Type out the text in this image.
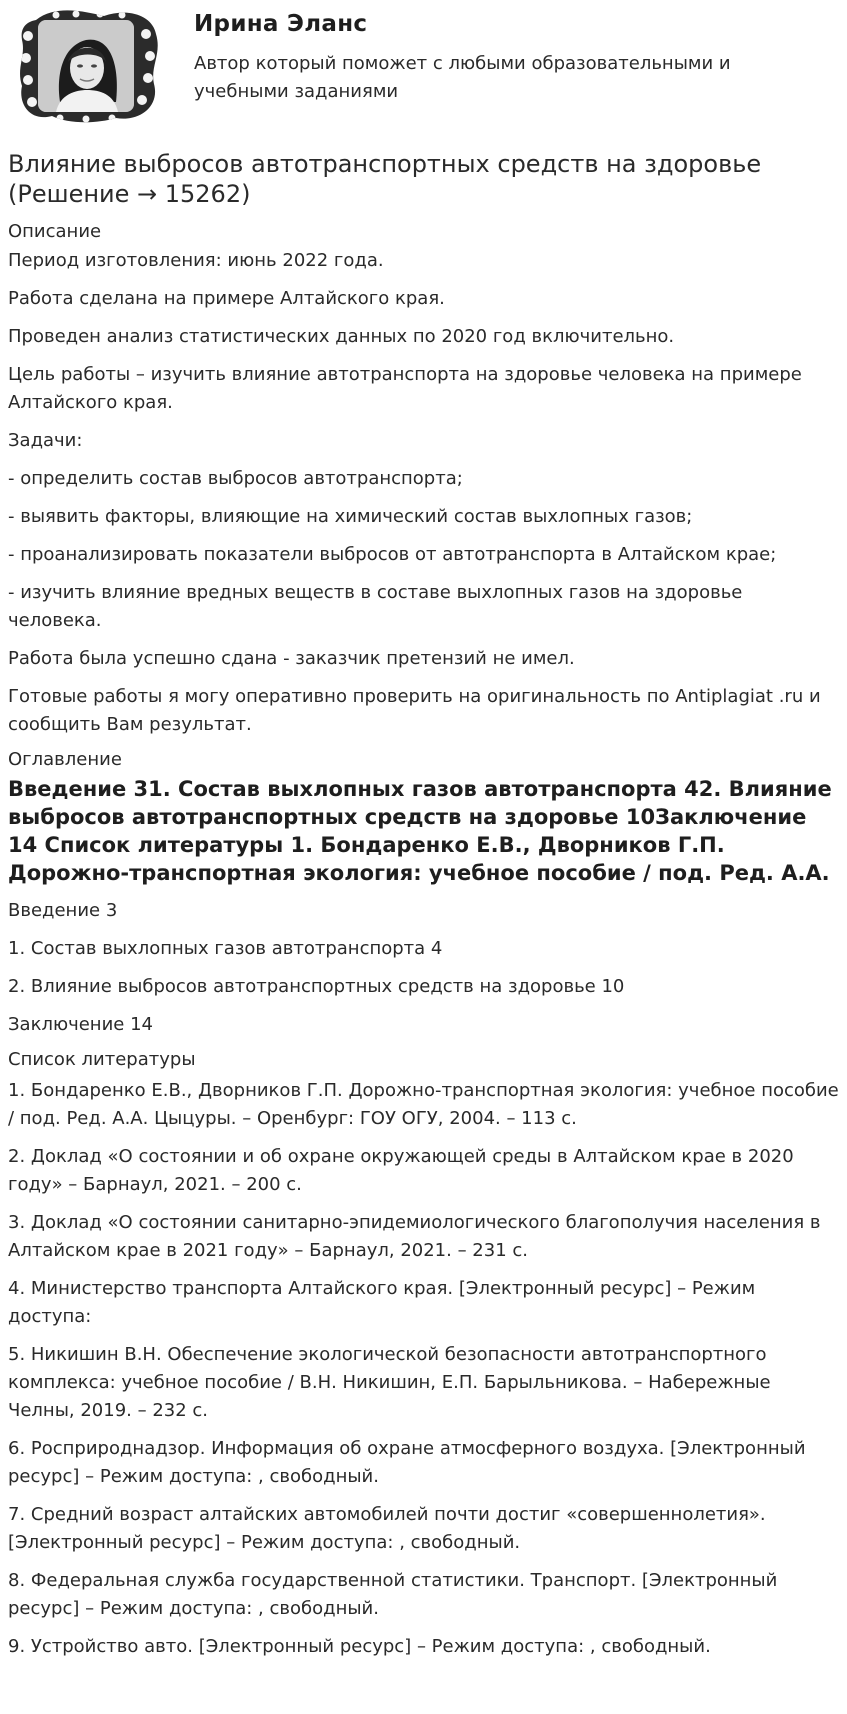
Ирина Эланс
Автор который поможет с любыми образовательными и учебными заданиями
Влияние выбросов автотранспортных средств на здоровье (Решение → 15262)
Описание

Период изготовления: июнь 2022 года.

Работа сделана на примере Алтайского края.

Проведен анализ статистических данных по 2020 год включительно.

Цель работы – изучить влияние автотранспорта на здоровье человека на примере Алтайского края.

Задачи:

- определить состав выбросов автотранспорта;

- выявить факторы, влияющие на химический состав выхлопных газов;

- проанализировать показатели выбросов от автотранспорта в Алтайском крае;

- изучить влияние вредных веществ в составе выхлопных газов на здоровье человека.

Работа была успешно сдана - заказчик претензий не имел.

Готовые работы я могу оперативно проверить на оригинальность по Antiplagiat .ru и сообщить Вам результат.

Оглавление
Введение 31. Состав выхлопных газов автотранспорта 42. Влияние выбросов автотранспортных средств на здоровье 10Заключение 14 Список литературы 1. Бондаренко Е.В., Дворников Г.П. Дорожно-транспортная экология: учебное пособие / под. Ред. А.А.

Введение 3

1. Состав выхлопных газов автотранспорта 4

2. Влияние выбросов автотранспортных средств на здоровье 10

Заключение 14

Список литературы

1. Бондаренко Е.В., Дворников Г.П. Дорожно-транспортная экология: учебное пособие / под. Ред. А.А. Цыцуры. – Оренбург: ГОУ ОГУ, 2004. – 113 с.

2. Доклад «О состоянии и об охране окружающей среды в Алтайском крае в 2020 году» – Барнаул, 2021. – 200 с.

3. Доклад «О состоянии санитарно-эпидемиологического благополучия населения в Алтайском крае в 2021 году» – Барнаул, 2021. – 231 с.

4. Министерство транспорта Алтайского края. [Электронный ресурс] – Режим доступа:

5. Никишин В.Н. Обеспечение экологической безопасности автотранспортного комплекса: учебное пособие / В.Н. Никишин, Е.П. Барыльникова. – Набережные Челны, 2019. – 232 с.

6. Росприроднадзор. Информация об охране атмосферного воздуха. [Электронный ресурс] – Режим доступа: , свободный.

7. Средний возраст алтайских автомобилей почти достиг «совершеннолетия». [Электронный ресурс] – Режим доступа: , свободный.

8. Федеральная служба государственной статистики. Транспорт. [Электронный ресурс] – Режим доступа: , свободный.

9. Устройство авто. [Электронный ресурс] – Режим доступа: , свободный.
